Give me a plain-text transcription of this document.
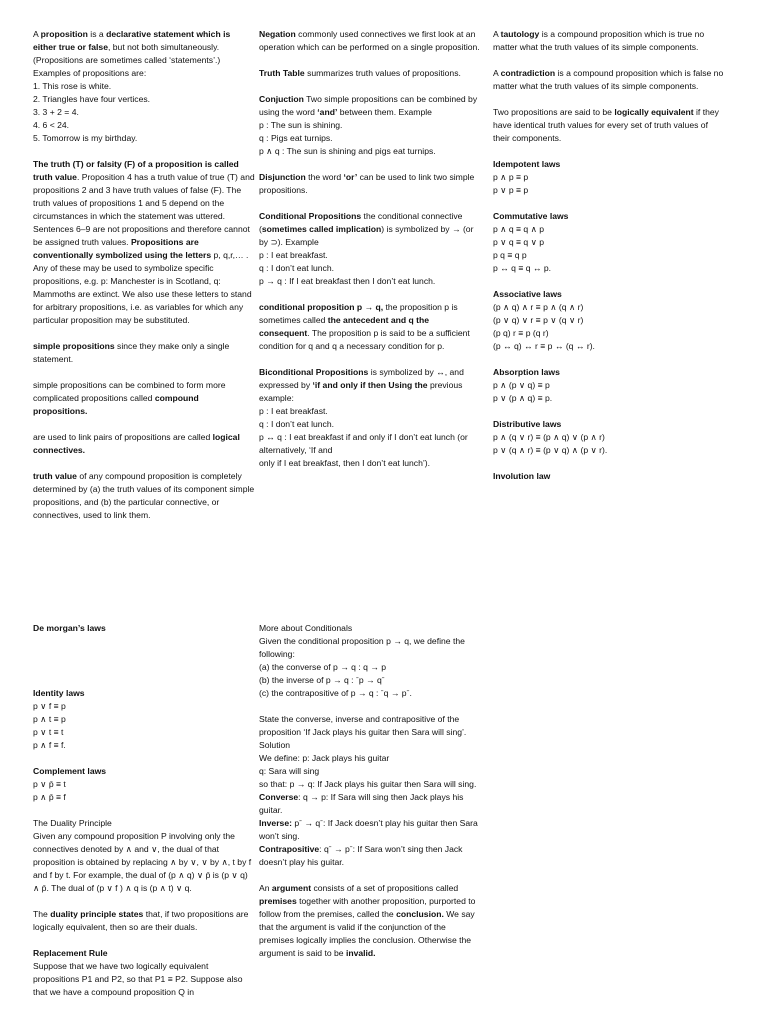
A proposition is a declarative statement which is either true or false, but not both simultaneously. (Propositions are sometimes called ‘statements’.) Examples of propositions are:

1. This rose is white.
2. Triangles have four vertices.
3. 3 + 2 = 4.
4. 6 < 24.
5. Tomorrow is my birthday.

The truth (T) or falsity (F) of a proposition is called truth value. Proposition 4 has a truth value of true (T) and propositions 2 and 3 have truth values of false (F). The truth values of propositions 1 and 5 depend on the circumstances in which the statement was uttered. Sentences 6–9 are not propositions and therefore cannot be assigned truth values. Propositions are conventionally symbolized using the letters p, q,r,… . Any of these may be used to symbolize specific propositions, e.g. p: Manchester is in Scotland, q: Mammoths are extinct. We also use these letters to stand for arbitrary propositions, i.e. as variables for which any particular proposition may be substituted.

simple propositions since they make only a single statement.

simple propositions can be combined to form more complicated propositions called compound propositions.

are used to link pairs of propositions are called logical connectives.

truth value of any compound proposition is completely determined by (a) the truth values of its component simple propositions, and (b) the particular connective, or connectives, used to link them.

Negation commonly used connectives we first look at an operation which can be performed on a single proposition.

Truth Table summarizes truth values of propositions.

Conjuction Two simple propositions can be combined by using the word ‘and’ between them. Example

p : The sun is shining.
q : Pigs eat turnips.
p ∧ q : The sun is shining and pigs eat turnips.

Disjunction the word ‘or’ can be used to link two simple propositions.

Conditional Propositions the conditional connective (sometimes called implication) is symbolized by → (or by ⊃). Example

p : I eat breakfast.
q : I don’t eat lunch.
p → q : If I eat breakfast then I don’t eat lunch.

conditional proposition p → q, the proposition p is sometimes called the antecedent and q the consequent. The proposition p is said to be a sufficient condition for q and q a necessary condition for p.

Biconditional Propositions is symbolized by ↔, and expressed by ‘if and only if then Using the previous example:

p : I eat breakfast.
q : I don’t eat lunch.
p ↔ q : I eat breakfast if and only if I don’t eat lunch (or alternatively, ‘If and
only if I eat breakfast, then I don’t eat lunch’).

A tautology is a compound proposition which is true no matter what the truth values of its simple components.

A contradiction is a compound proposition which is false no matter what the truth values of its simple components.

Two propositions are said to be logically equivalent if they have identical truth values for every set of truth values of their components.

Idempotent laws
p ∧ p ≡ p
p ∨ p ≡ p
Commutative laws
p ∧ q ≡ q ∧ p
p ∨ q ≡ q ∨ p
p q ≡ q p
p ↔ q ≡ q ↔ p.
Associative laws
(p ∧ q) ∧ r ≡ p ∧ (q ∧ r)
(p ∨ q) ∨ r ≡ p ∨ (q ∨ r)
(p q) r ≡ p (q r)
(p ↔ q) ↔ r ≡ p ↔ (q ↔ r).
Absorption laws
p ∧ (p ∨ q) ≡ p
p ∨ (p ∧ q) ≡ p.
Distributive laws
p ∧ (q ∨ r) ≡ (p ∧ q) ∨ (p ∧ r)
p ∨ (q ∧ r) ≡ (p ∨ q) ∧ (p ∨ r).
Involution law
De morgan’s laws
Identity laws
p ∨ f ≡ p
p ∧ t ≡ p
p ∨ t ≡ t
p ∧ f ≡ f.
Complement laws
p ∨ p̄ ≡ t
p ∧ p̄ ≡ f
The Duality Principle

Given any compound proposition P involving only the connectives denoted by ∧ and ∨, the dual of that proposition is obtained by replacing ∧ by ∨, ∨ by ∧, t by f and f by t. For example, the dual of (p ∧ q) ∨ p̄ is (p ∨ q) ∧ p̄. The dual of (p ∨ f ) ∧ q is (p ∧ t) ∨ q.

The duality principle states that, if two propositions are logically equivalent, then so are their duals.

Replacement Rule

Suppose that we have two logically equivalent propositions P1 and P2, so that P1 ≡ P2. Suppose also that we have a compound proposition Q in

More about Conditionals

Given the conditional proposition p → q, we define the following:

(a) the converse of p → q : q → p
(b) the inverse of p → q : ˉp → qˉ
(c) the contrapositive of p → q : ˉq → pˉ.

State the converse, inverse and contrapositive of the proposition ‘If Jack plays his guitar then Sara will sing’. Solution

We define: p: Jack plays his guitar
q: Sara will sing
so that: p → q: If Jack plays his guitar then Sara will sing.
Converse: q → p: If Sara will sing then Jack plays his guitar.
Inverse: pˉ → qˉ: If Jack doesn’t play his guitar then Sara won’t sing.
Contrapositive: qˉ → pˉ: If Sara won’t sing then Jack doesn’t play his guitar.

An argument consists of a set of propositions called premises together with another proposition, purported to follow from the premises, called the conclusion. We say that the argument is valid if the conjunction of the premises logically implies the conclusion. Otherwise the argument is said to be invalid.
